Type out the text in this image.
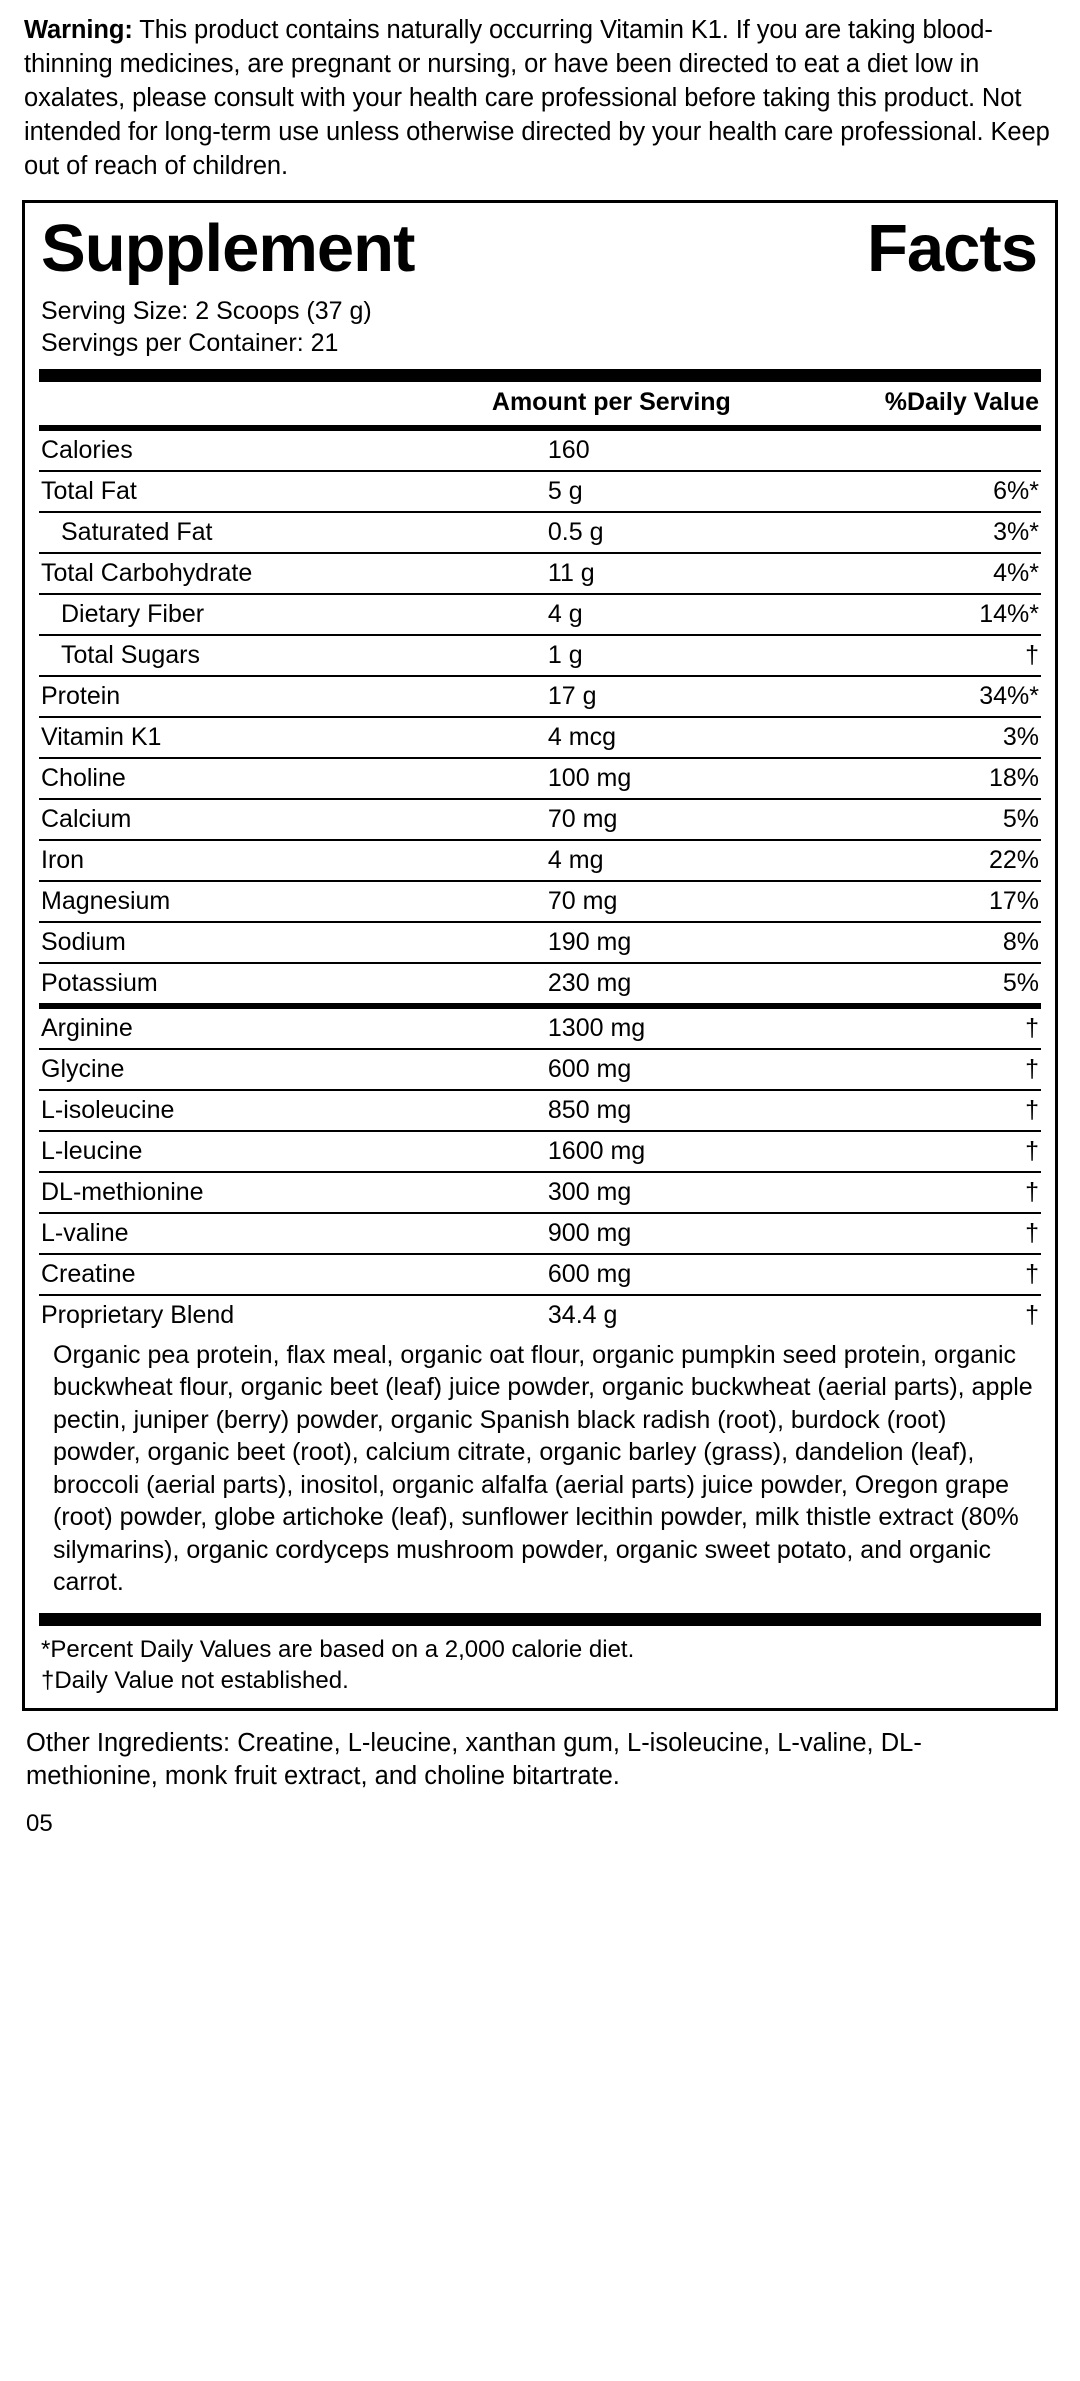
Warning: This product contains naturally occurring Vitamin K1. If you are taking blood-thinning medicines, are pregnant or nursing, or have been directed to eat a diet low in oxalates, please consult with your health care professional before taking this product. Not intended for long-term use unless otherwise directed by your health care professional. Keep out of reach of children.

Supplement	Facts
Serving Size: 2 Scoops (37 g)
Servings per Container: 21
	Amount per Serving	%Daily Value
Calories	160	
Total Fat	5 g	6%*
Saturated Fat	0.5 g	3%*
Total Carbohydrate	11 g	4%*
Dietary Fiber	4 g	14%*
Total Sugars	1 g	†
Protein	17 g	34%*
Vitamin K1	4 mcg	3%
Choline	100 mg	18%
Calcium	70 mg	5%
Iron	4 mg	22%
Magnesium	70 mg	17%
Sodium	190 mg	8%
Potassium	230 mg	5%
Arginine	1300 mg	†
Glycine	600 mg	†
L-isoleucine	850 mg	†
L-leucine	1600 mg	†
DL-methionine	300 mg	†
L-valine	900 mg	†
Creatine	600 mg	†
Proprietary Blend	34.4 g	†
Organic pea protein, flax meal, organic oat flour, organic pumpkin seed protein, organic buckwheat flour, organic beet (leaf) juice powder, organic buckwheat (aerial parts), apple pectin, juniper (berry) powder, organic Spanish black radish (root), burdock (root) powder, organic beet (root), calcium citrate, organic barley (grass), dandelion (leaf), broccoli (aerial parts), inositol, organic alfalfa (aerial parts) juice powder, Oregon grape (root) powder, globe artichoke (leaf), sunflower lecithin powder, milk thistle extract (80% silymarins), organic cordyceps mushroom powder, organic sweet potato, and organic carrot.
*Percent Daily Values are based on a 2,000 calorie diet.
†Daily Value not established.
Other Ingredients: Creatine, L-leucine, xanthan gum, L-isoleucine, L-valine, DL-methionine, monk fruit extract, and choline bitartrate.
05
